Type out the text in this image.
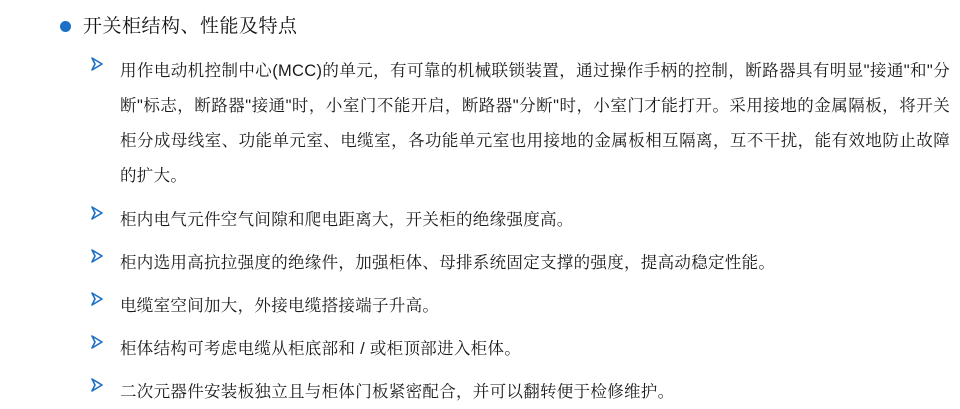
开关柜结构、性能及特点
用作电动机控制中心(MCC)的单元，有可靠的机械联锁装置，通过操作手柄的控制，断路器具有明显"接通"和"分断"标志，断路器"接通"时，小室门不能开启，断路器"分断"时，小室门才能打开。采用接地的金属隔板，将开关柜分成母线室、功能单元室、电缆室，各功能单元室也用接地的金属板相互隔离，互不干扰，能有效地防止故障的扩大。
柜内电气元件空气间隙和爬电距离大，开关柜的绝缘强度高。
柜内选用高抗拉强度的绝缘件，加强柜体、母排系统固定支撑的强度，提高动稳定性能。
电缆室空间加大，外接电缆搭接端子升高。
柜体结构可考虑电缆从柜底部和 / 或柜顶部进入柜体。
二次元器件安装板独立且与柜体门板紧密配合，并可以翻转便于检修维护。
